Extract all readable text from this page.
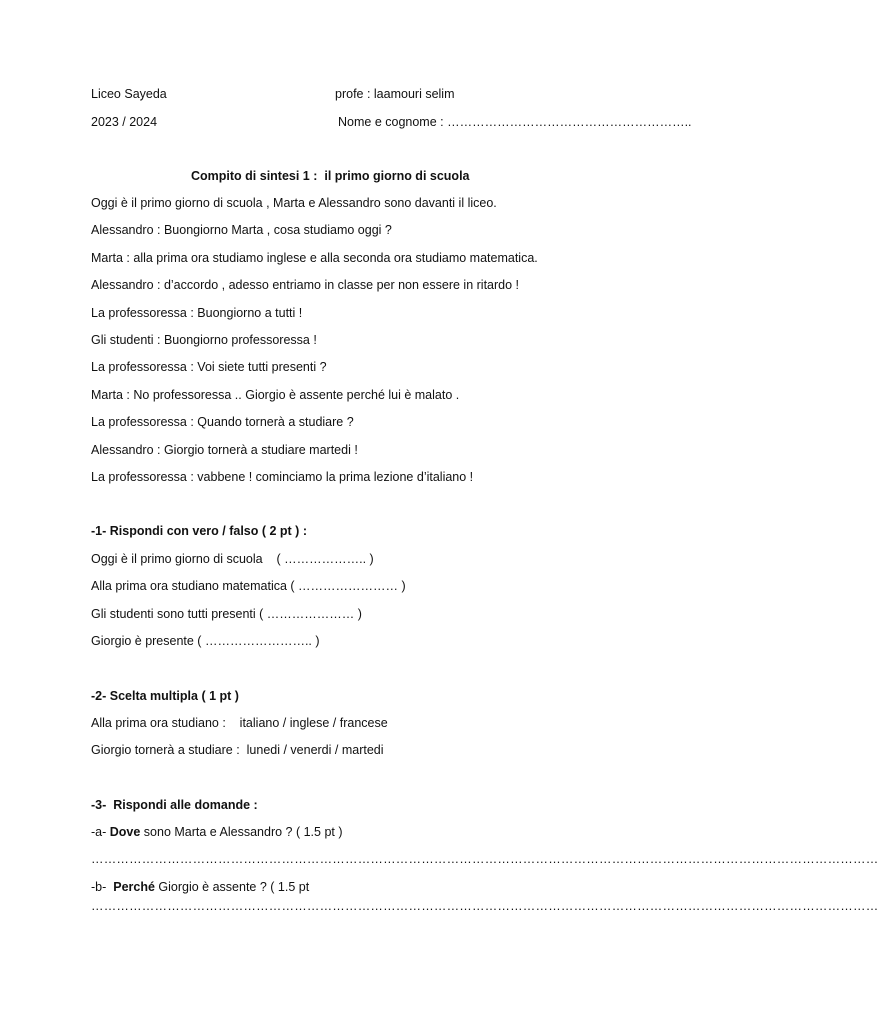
Liceo Sayeda	profe : laamouri selim
2023 / 2024	Nome e cognome : …………………………………………………..
Compito di sintesi 1 :  il primo giorno di scuola
Oggi è il primo giorno di scuola , Marta e Alessandro sono davanti il liceo.
Alessandro : Buongiorno Marta , cosa studiamo oggi ?
Marta : alla prima ora studiamo inglese e alla seconda ora studiamo matematica.
Alessandro : d’accordo , adesso entriamo in classe per non essere in ritardo !
La professoressa : Buongiorno a tutti !
Gli studenti : Buongiorno professoressa !
La professoressa : Voi siete tutti presenti ?
Marta : No professoressa .. Giorgio è assente perché lui è malato .
La professoressa : Quando tornerà a studiare ?
Alessandro : Giorgio tornerà a studiare martedi !
La professoressa : vabbene ! cominciamo la prima lezione d’italiano !
-1- Rispondi con vero / falso ( 2 pt ) :
Oggi è il primo giorno di scuola    ( ……………….. )
Alla prima ora studiano matematica ( …………………… )
Gli studenti sono tutti presenti ( ………………… )
Giorgio è presente ( …………………….. )
-2- Scelta multipla ( 1 pt )
Alla prima ora studiano :    italiano / inglese / francese
Giorgio tornerà a studiare :  lunedi / venerdi / martedi
-3-  Rispondi alle domande :
-a- Dove sono Marta e Alessandro ? ( 1.5 pt )
……………………………………………………………………………………………………………………………………………………………………
-b-  Perché Giorgio è assente ? ( 1.5 pt
……………………………………………………………………………………………………………………………………………………………………
